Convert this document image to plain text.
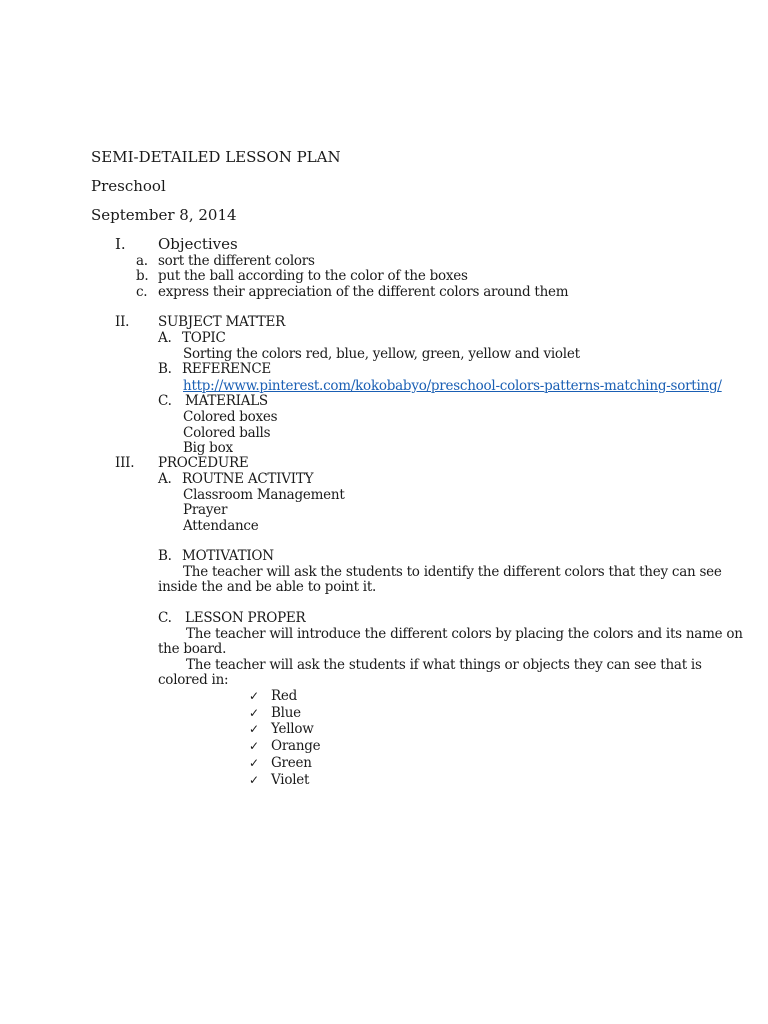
SEMI-DETAILED LESSON PLAN
Preschool
September 8, 2014
I. Objectives
a. sort the different colors
b. put the ball according to the color of the boxes
c. express their appreciation of the different colors around them
II. SUBJECT MATTER
A. TOPIC
Sorting the colors red, blue, yellow, green, yellow and violet
B. REFERENCE
http://www.pinterest.com/kokobabyo/preschool-colors-patterns-matching-sorting/
C. MATERIALS
Colored boxes
Colored balls
Big box
III. PROCEDURE
A. ROUTNE ACTIVITY
Classroom Management
Prayer
Attendance
B. MOTIVATION
The teacher will ask the students to identify the different colors that they can see
inside the and be able to point it.
C. LESSON PROPER
The teacher will introduce the different colors by placing the colors and its name on
the board.
The teacher will ask the students if what things or objects they can see that is
colored in:
✓ Red
✓ Blue
✓ Yellow
✓ Orange
✓ Green
✓ Violet
